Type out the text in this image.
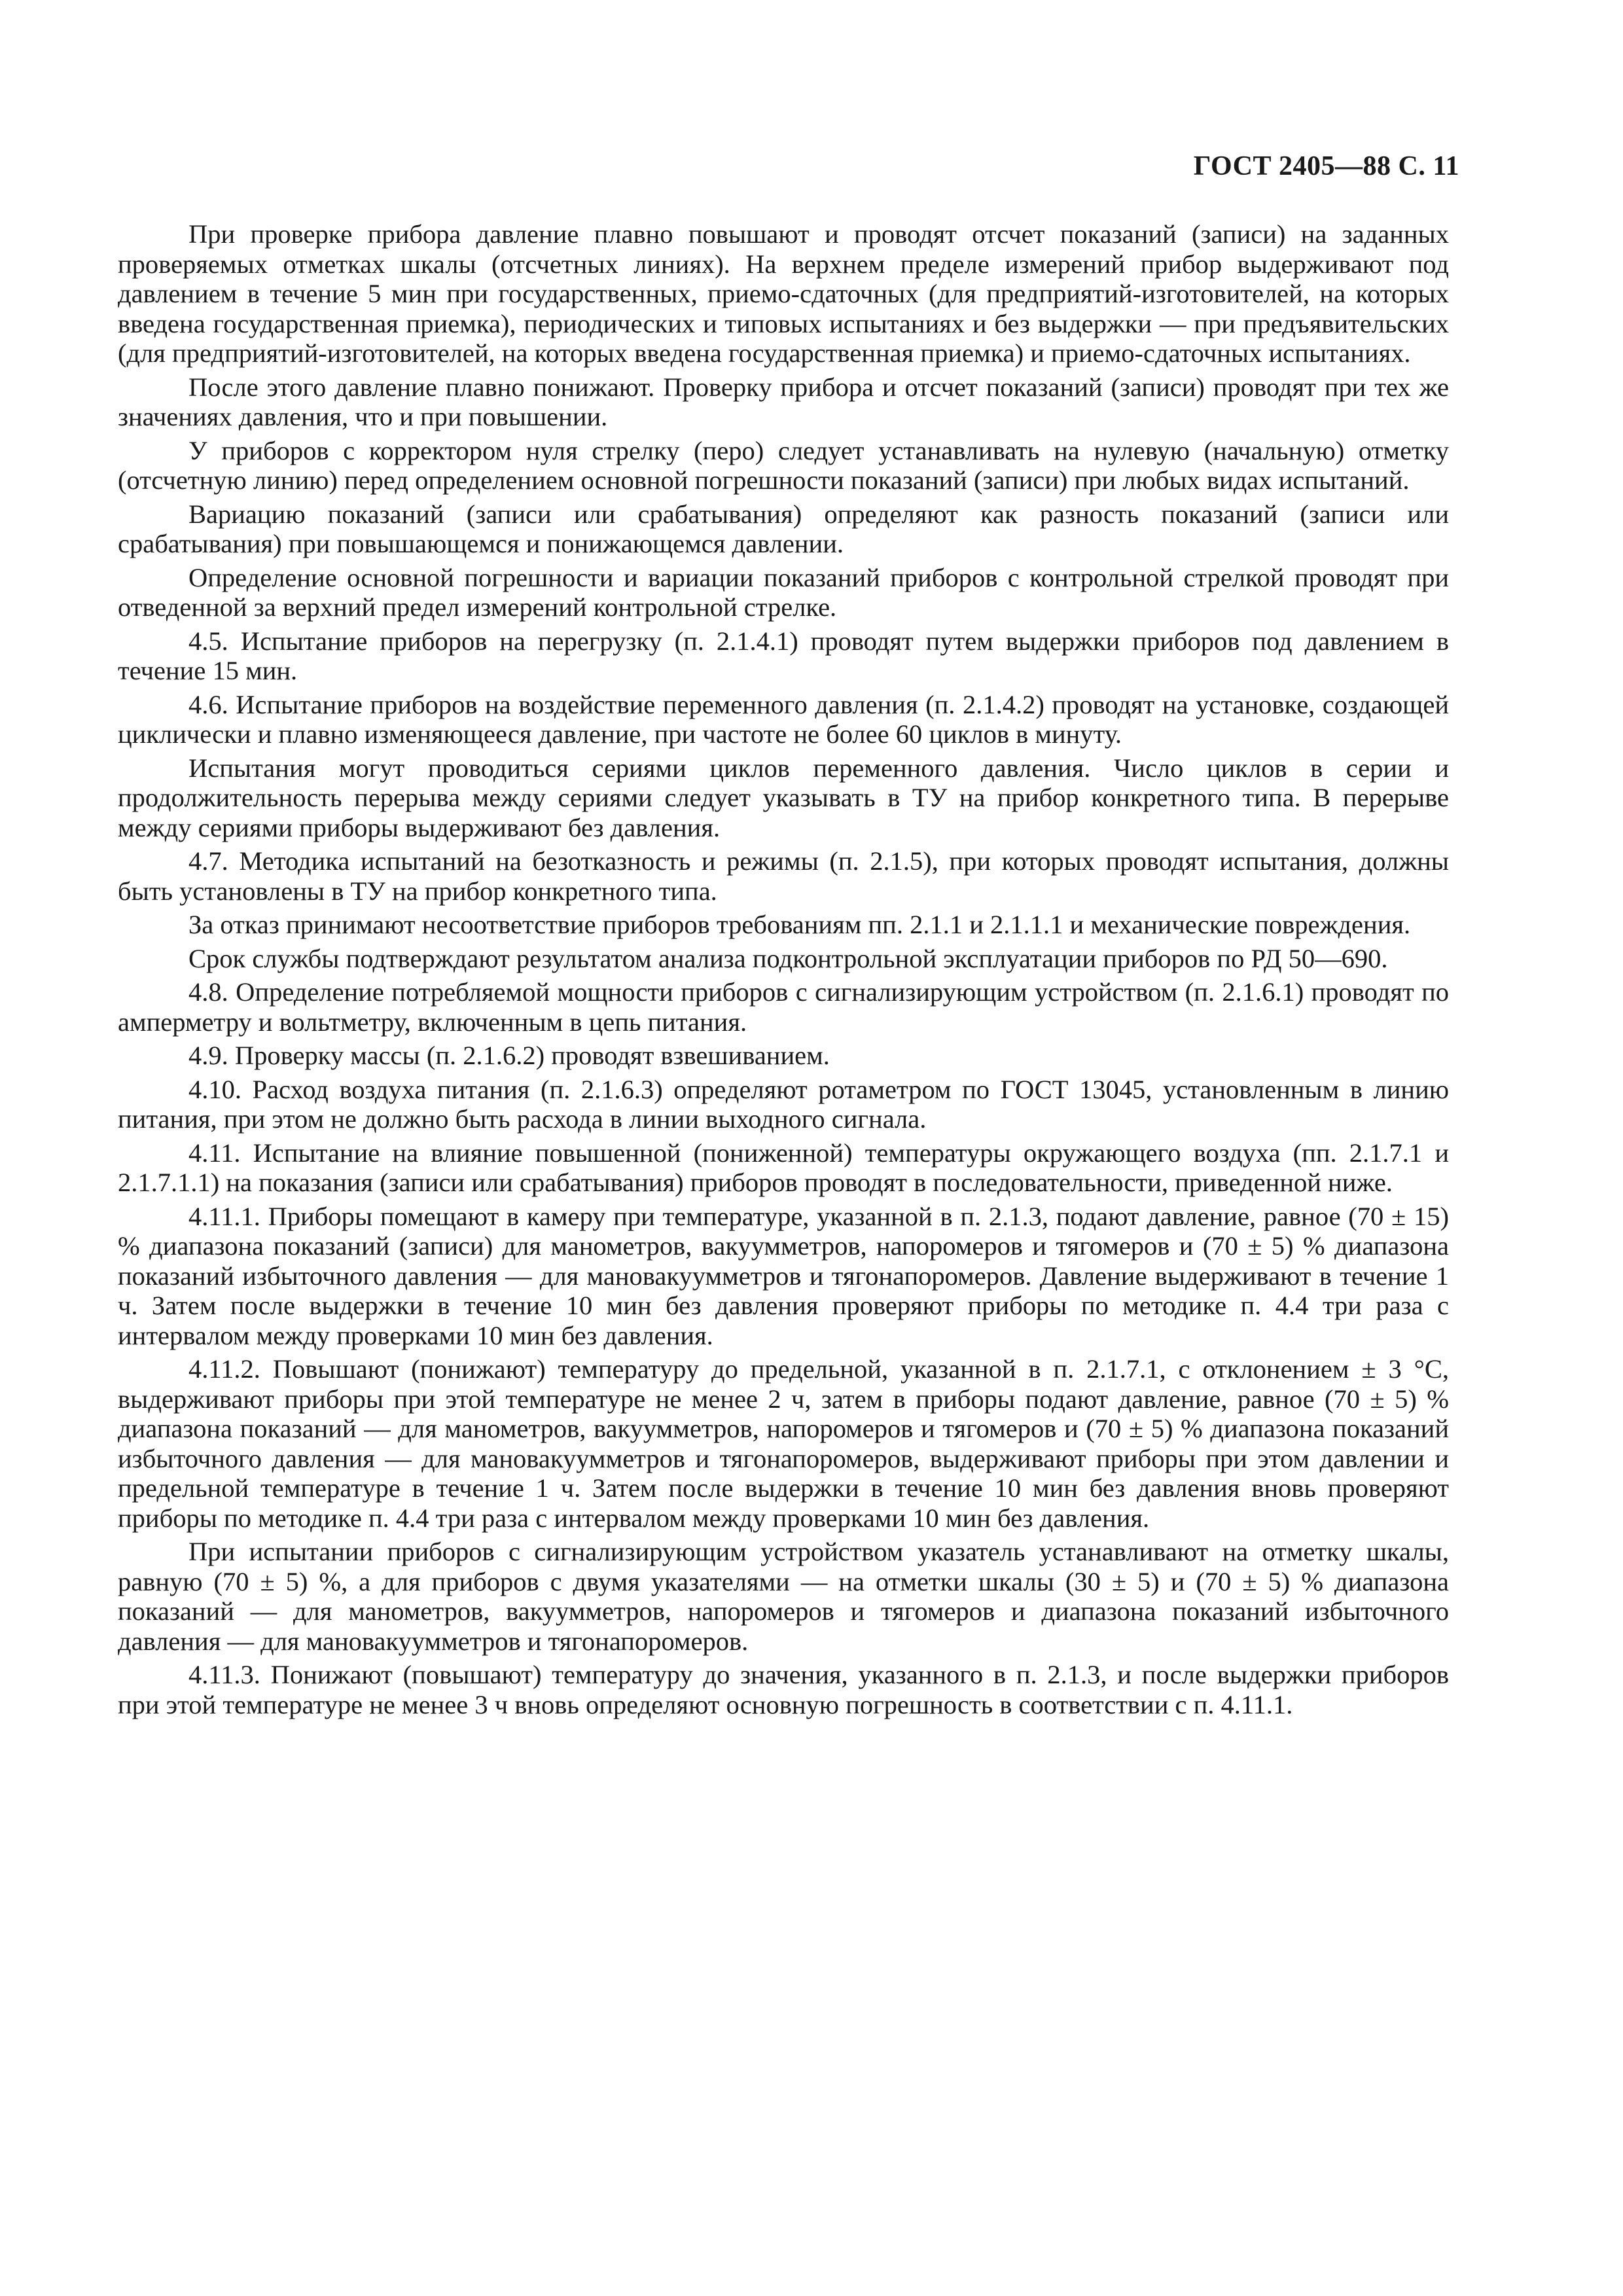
ГОСТ 2405—88 С. 11

При проверке прибора давление плавно повышают и проводят отсчет показаний (записи) на заданных проверяемых отметках шкалы (отсчетных линиях). На верхнем пределе измерений прибор выдерживают под давлением в течение 5 мин при государственных, приемо-сдаточных (для предприятий-изготовителей, на которых введена государственная приемка), периодических и типовых испытаниях и без выдержки — при предъявительских (для предприятий-изготовителей, на которых введена государственная приемка) и приемо-сдаточных испытаниях.

После этого давление плавно понижают. Проверку прибора и отсчет показаний (записи) проводят при тех же значениях давления, что и при повышении.

У приборов с корректором нуля стрелку (перо) следует устанавливать на нулевую (начальную) отметку (отсчетную линию) перед определением основной погрешности показаний (записи) при любых видах испытаний.

Вариацию показаний (записи или срабатывания) определяют как разность показаний (записи или срабатывания) при повышающемся и понижающемся давлении.

Определение основной погрешности и вариации показаний приборов с контрольной стрелкой проводят при отведенной за верхний предел измерений контрольной стрелке.

4.5. Испытание приборов на перегрузку (п. 2.1.4.1) проводят путем выдержки приборов под давлением в течение 15 мин.

4.6. Испытание приборов на воздействие переменного давления (п. 2.1.4.2) проводят на установке, создающей циклически и плавно изменяющееся давление, при частоте не более 60 циклов в минуту.

Испытания могут проводиться сериями циклов переменного давления. Число циклов в серии и продолжительность перерыва между сериями следует указывать в ТУ на прибор конкретного типа. В перерыве между сериями приборы выдерживают без давления.

4.7. Методика испытаний на безотказность и режимы (п. 2.1.5), при которых проводят испытания, должны быть установлены в ТУ на прибор конкретного типа.

За отказ принимают несоответствие приборов требованиям пп. 2.1.1 и 2.1.1.1 и механические повреждения.

Срок службы подтверждают результатом анализа подконтрольной эксплуатации приборов по РД 50—690.

4.8. Определение потребляемой мощности приборов с сигнализирующим устройством (п. 2.1.6.1) проводят по амперметру и вольтметру, включенным в цепь питания.

4.9. Проверку массы (п. 2.1.6.2) проводят взвешиванием.

4.10. Расход воздуха питания (п. 2.1.6.3) определяют ротаметром по ГОСТ 13045, установленным в линию питания, при этом не должно быть расхода в линии выходного сигнала.

4.11. Испытание на влияние повышенной (пониженной) температуры окружающего воздуха (пп. 2.1.7.1 и 2.1.7.1.1) на показания (записи или срабатывания) приборов проводят в последовательности, приведенной ниже.

4.11.1. Приборы помещают в камеру при температуре, указанной в п. 2.1.3, подают давление, равное (70 ± 15) % диапазона показаний (записи) для манометров, вакуумметров, напоромеров и тягомеров и (70 ± 5) % диапазона показаний избыточного давления — для мановакуумметров и тягонапоромеров. Давление выдерживают в течение 1 ч. Затем после выдержки в течение 10 мин без давления проверяют приборы по методике п. 4.4 три раза с интервалом между проверками 10 мин без давления.

4.11.2. Повышают (понижают) температуру до предельной, указанной в п. 2.1.7.1, с отклонением ± 3 °С, выдерживают приборы при этой температуре не менее 2 ч, затем в приборы подают давление, равное (70 ± 5) % диапазона показаний — для манометров, вакуумметров, напоромеров и тягомеров и (70 ± 5) % диапазона показаний избыточного давления — для мановакуумметров и тягонапоромеров, выдерживают приборы при этом давлении и предельной температуре в течение 1 ч. Затем после выдержки в течение 10 мин без давления вновь проверяют приборы по методике п. 4.4 три раза с интервалом между проверками 10 мин без давления.

При испытании приборов с сигнализирующим устройством указатель устанавливают на отметку шкалы, равную (70 ± 5) %, а для приборов с двумя указателями — на отметки шкалы (30 ± 5) и (70 ± 5) % диапазона показаний — для манометров, вакуумметров, напоромеров и тягомеров и диапазона показаний избыточного давления — для мановакуумметров и тягонапоромеров.

4.11.3. Понижают (повышают) температуру до значения, указанного в п. 2.1.3, и после выдержки приборов при этой температуре не менее 3 ч вновь определяют основную погрешность в соответствии с п. 4.11.1.
